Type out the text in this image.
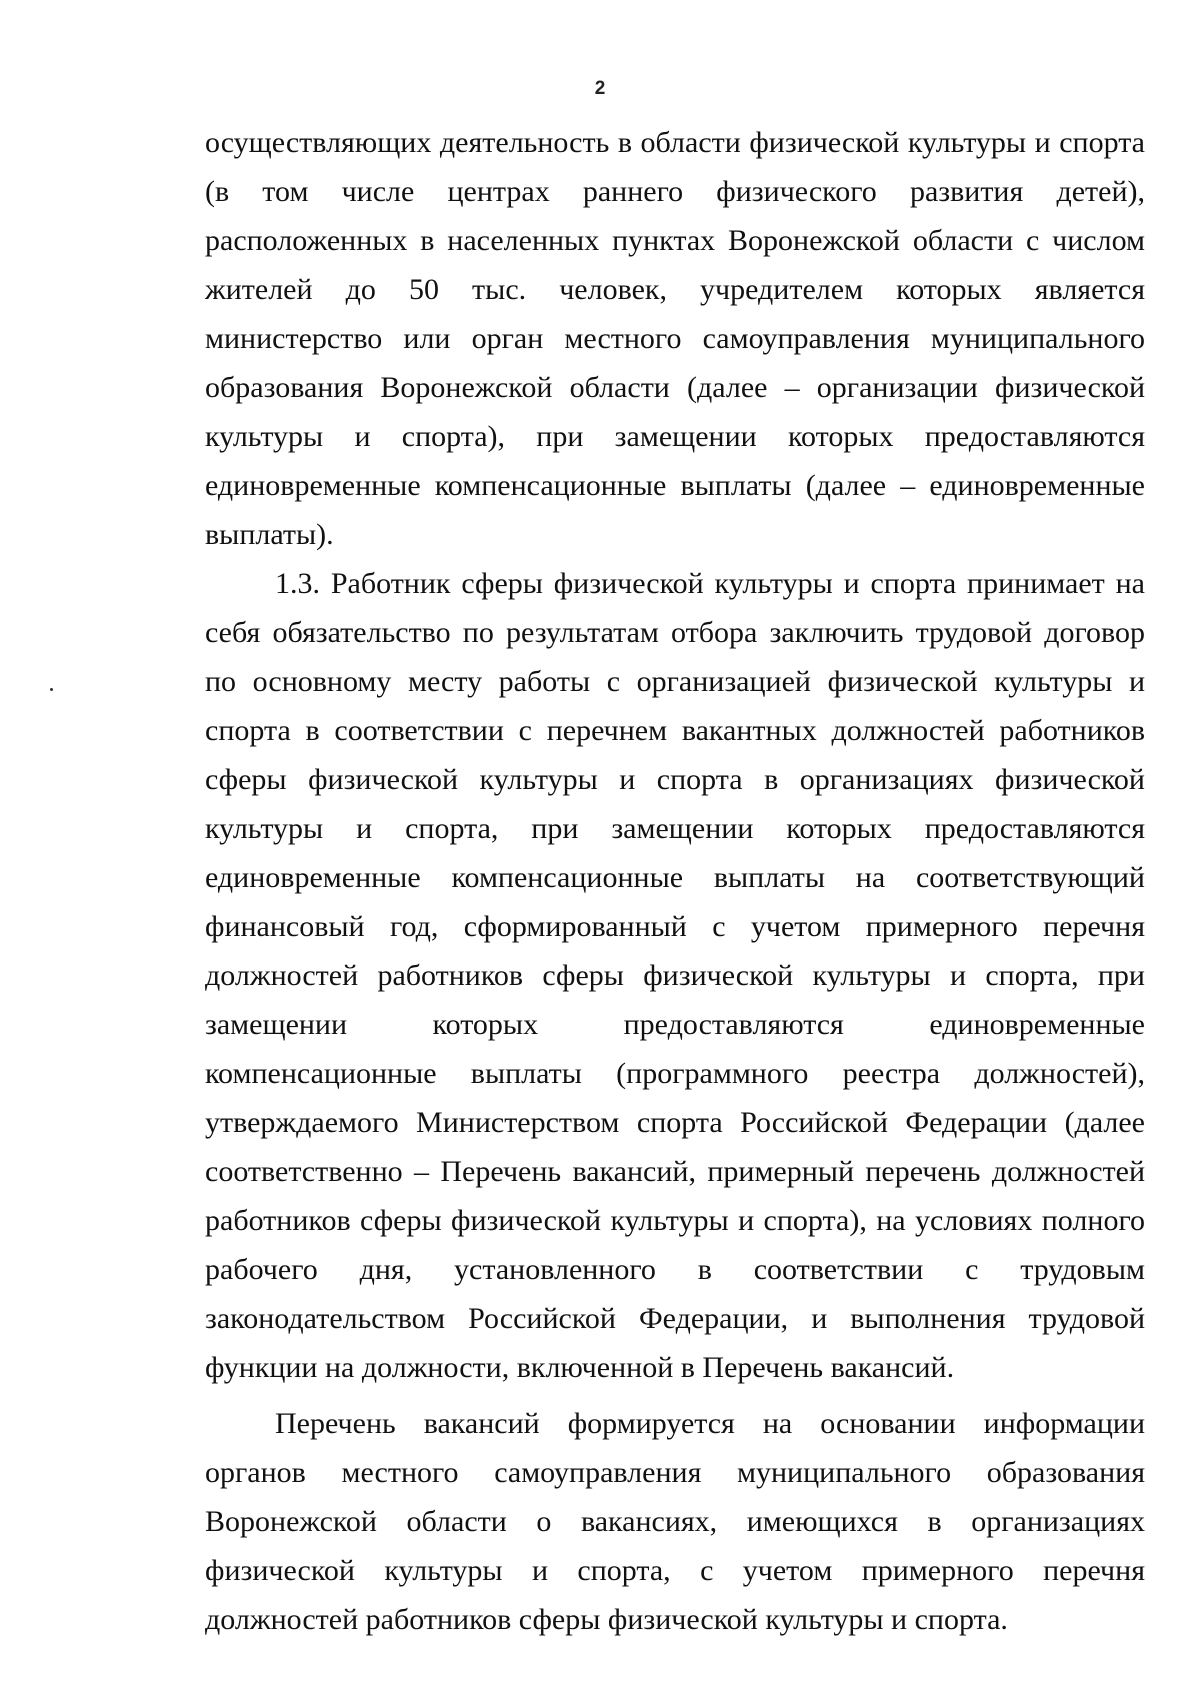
2

осуществляющих деятельность в области физической культуры и спорта (в том числе центрах раннего физического развития детей), расположенных в населенных пунктах Воронежской области с числом жителей до 50 тыс. человек, учредителем которых является министерство или орган местного самоуправления муниципального образования Воронежской области (далее – организации физической культуры и спорта), при замещении которых предоставляются единовременные компенсационные выплаты (далее – единовременные выплаты).

1.3. Работник сферы физической культуры и спорта принимает на себя обязательство по результатам отбора заключить трудовой договор по основному месту работы с организацией физической культуры и спорта в соответствии с перечнем вакантных должностей работников сферы физической культуры и спорта в организациях физической культуры и спорта, при замещении которых предоставляются единовременные компенсационные выплаты на соответствующий финансовый год, сформированный с учетом примерного перечня должностей работников сферы физической культуры и спорта, при замещении которых предоставляются единовременные компенсационные выплаты (программного реестра должностей), утверждаемого Министерством спорта Российской Федерации (далее соответственно – Перечень вакансий, примерный перечень должностей работников сферы физической культуры и спорта), на условиях полного рабочего дня, установленного в соответствии с трудовым законодательством Российской Федерации, и выполнения трудовой функции на должности, включенной в Перечень вакансий.

Перечень вакансий формируется на основании информации органов местного самоуправления муниципального образования Воронежской области о вакансиях, имеющихся в организациях физической культуры и спорта, с учетом примерного перечня должностей работников сферы физической культуры и спорта.
